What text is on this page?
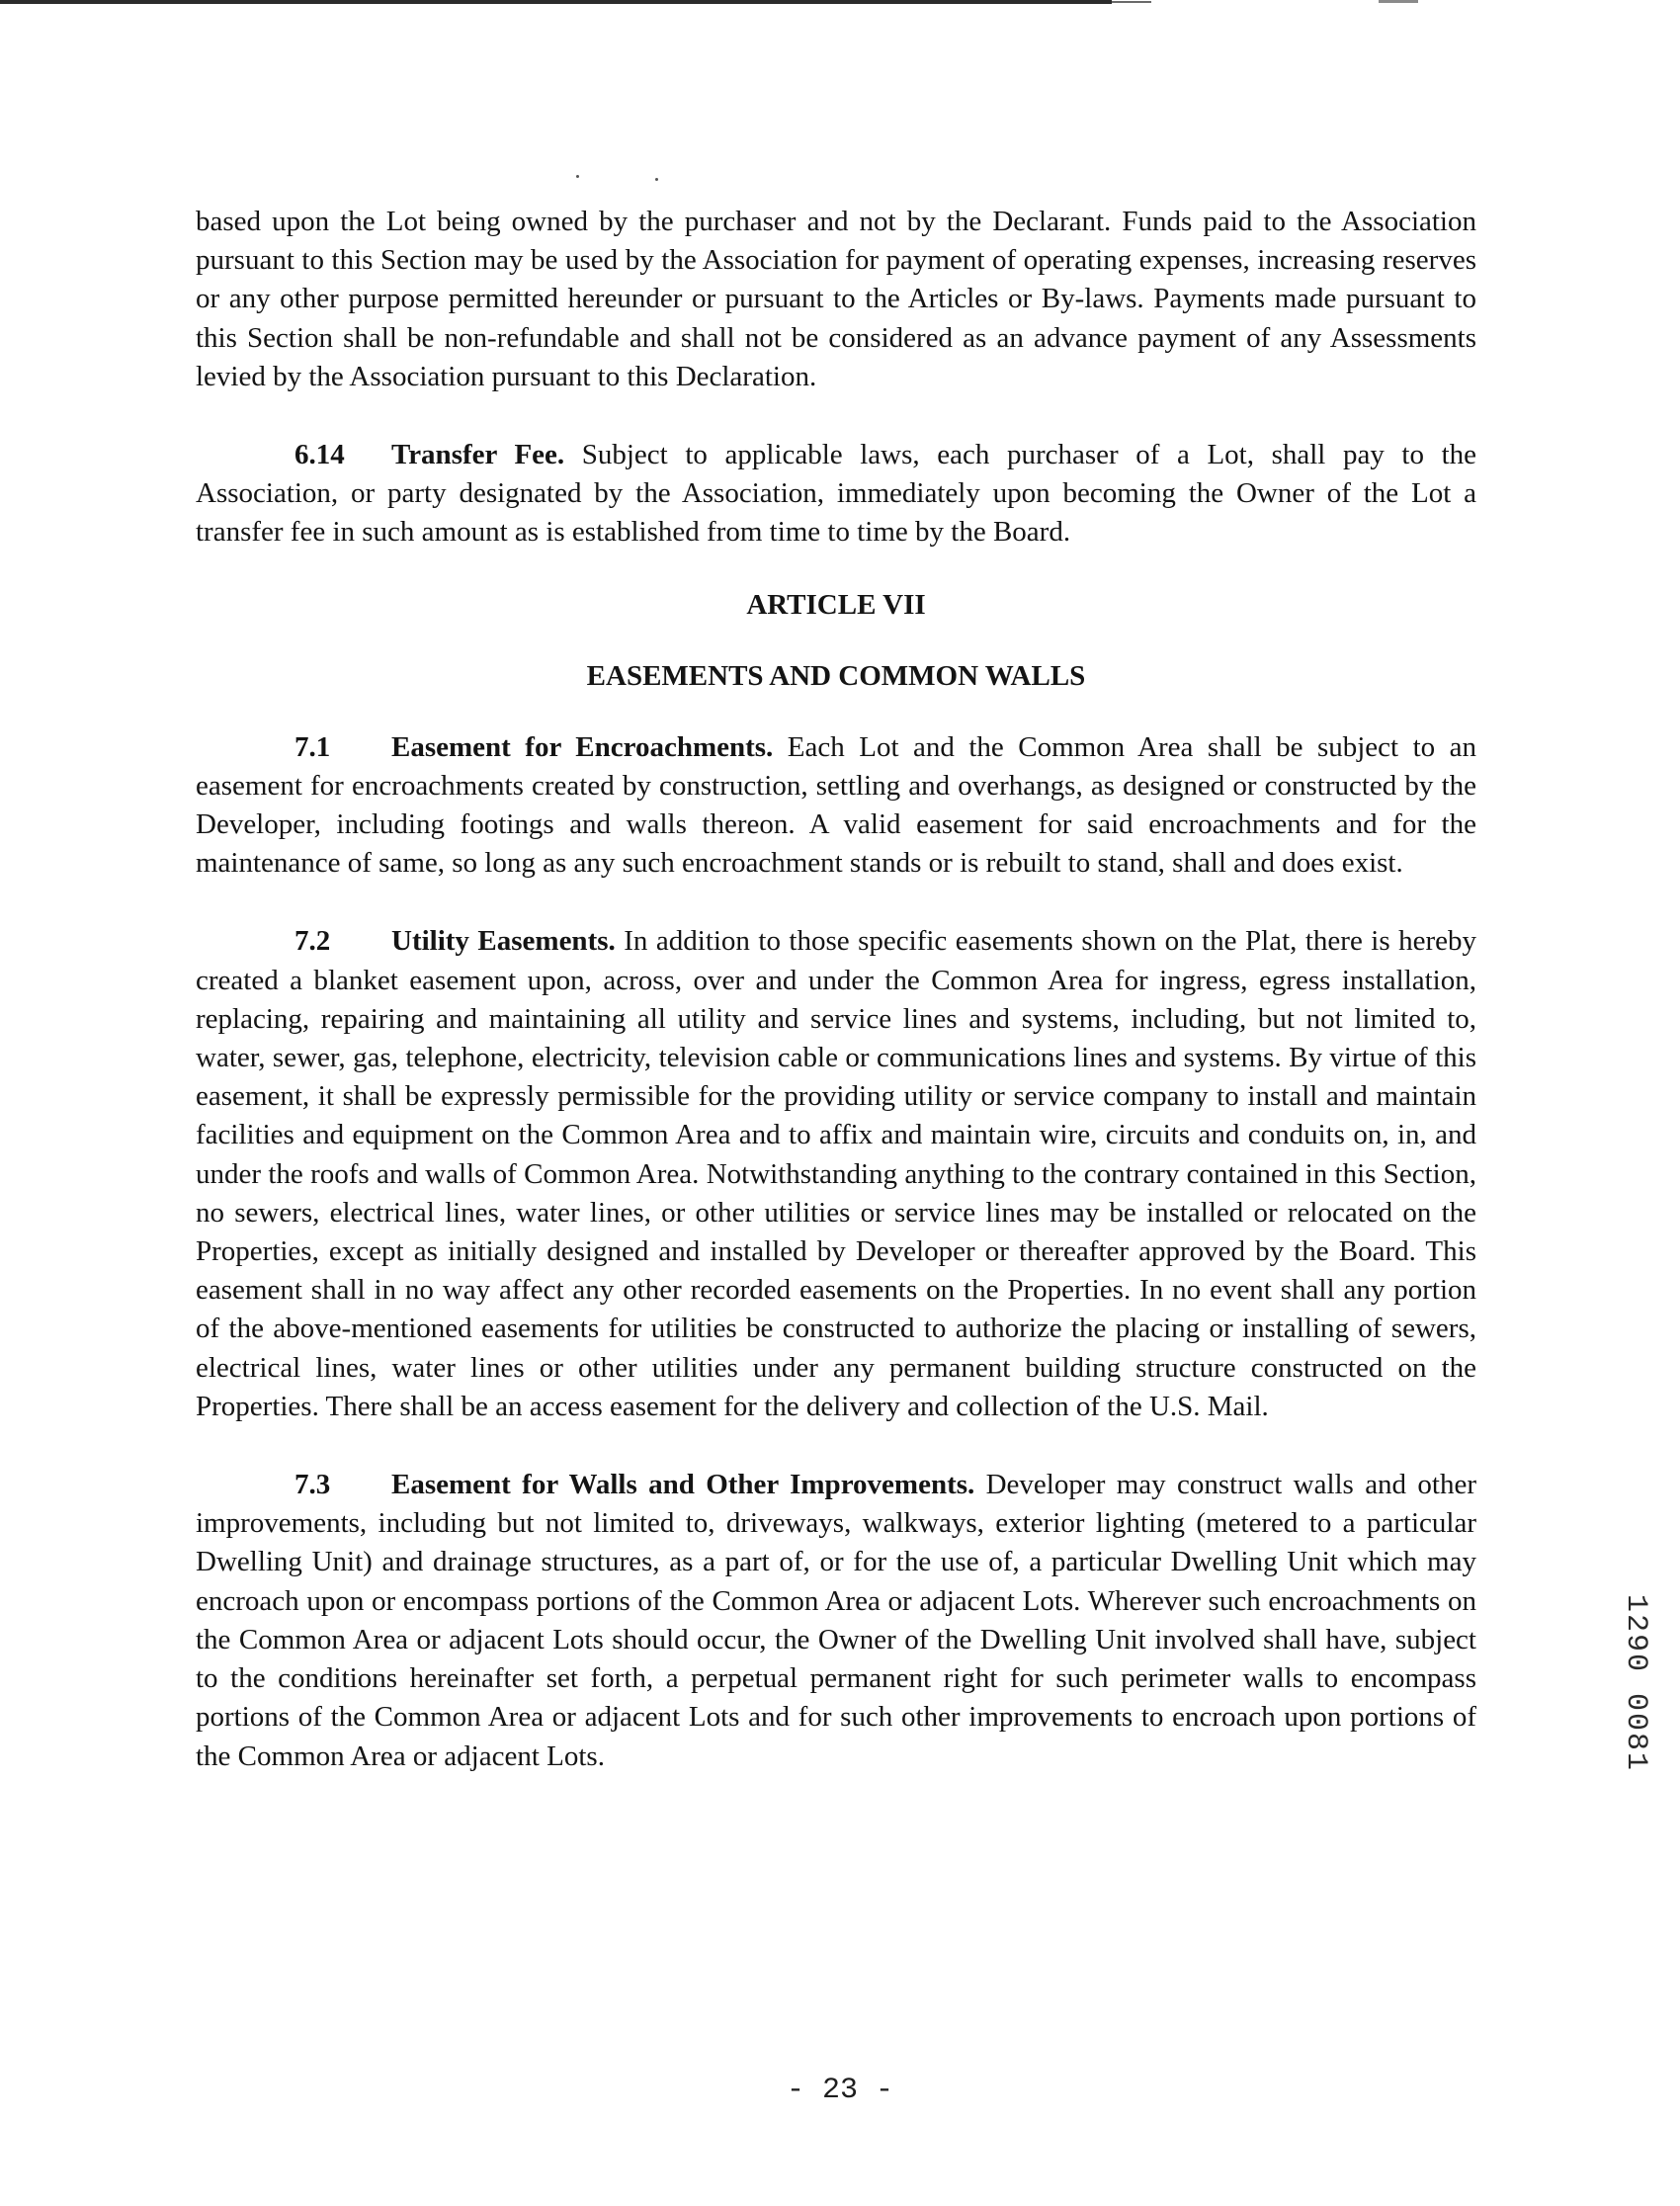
based upon the Lot being owned by the purchaser and not by the Declarant. Funds paid to the Association pursuant to this Section may be used by the Association for payment of operating expenses, increasing reserves or any other purpose permitted hereunder or pursuant to the Articles or By-laws. Payments made pursuant to this Section shall be non-refundable and shall not be considered as an advance payment of any Assessments levied by the Association pursuant to this Declaration.

6.14 Transfer Fee. Subject to applicable laws, each purchaser of a Lot, shall pay to the Association, or party designated by the Association, immediately upon becoming the Owner of the Lot a transfer fee in such amount as is established from time to time by the Board.

ARTICLE VII

EASEMENTS AND COMMON WALLS

7.1 Easement for Encroachments. Each Lot and the Common Area shall be subject to an easement for encroachments created by construction, settling and overhangs, as designed or constructed by the Developer, including footings and walls thereon. A valid easement for said encroachments and for the maintenance of same, so long as any such encroachment stands or is rebuilt to stand, shall and does exist.

7.2 Utility Easements. In addition to those specific easements shown on the Plat, there is hereby created a blanket easement upon, across, over and under the Common Area for ingress, egress installation, replacing, repairing and maintaining all utility and service lines and systems, including, but not limited to, water, sewer, gas, telephone, electricity, television cable or communications lines and systems. By virtue of this easement, it shall be expressly permissible for the providing utility or service company to install and maintain facilities and equipment on the Common Area and to affix and maintain wire, circuits and conduits on, in, and under the roofs and walls of Common Area. Notwithstanding anything to the contrary contained in this Section, no sewers, electrical lines, water lines, or other utilities or service lines may be installed or relocated on the Properties, except as initially designed and installed by Developer or thereafter approved by the Board. This easement shall in no way affect any other recorded easements on the Properties. In no event shall any portion of the above-mentioned easements for utilities be constructed to authorize the placing or installing of sewers, electrical lines, water lines or other utilities under any permanent building structure constructed on the Properties. There shall be an access easement for the delivery and collection of the U.S. Mail.

7.3 Easement for Walls and Other Improvements. Developer may construct walls and other improvements, including but not limited to, driveways, walkways, exterior lighting (metered to a particular Dwelling Unit) and drainage structures, as a part of, or for the use of, a particular Dwelling Unit which may encroach upon or encompass portions of the Common Area or adjacent Lots. Wherever such encroachments on the Common Area or adjacent Lots should occur, the Owner of the Dwelling Unit involved shall have, subject to the conditions hereinafter set forth, a perpetual permanent right for such perimeter walls to encompass portions of the Common Area or adjacent Lots and for such other improvements to encroach upon portions of the Common Area or adjacent Lots.	1290 0081
- 23 -
